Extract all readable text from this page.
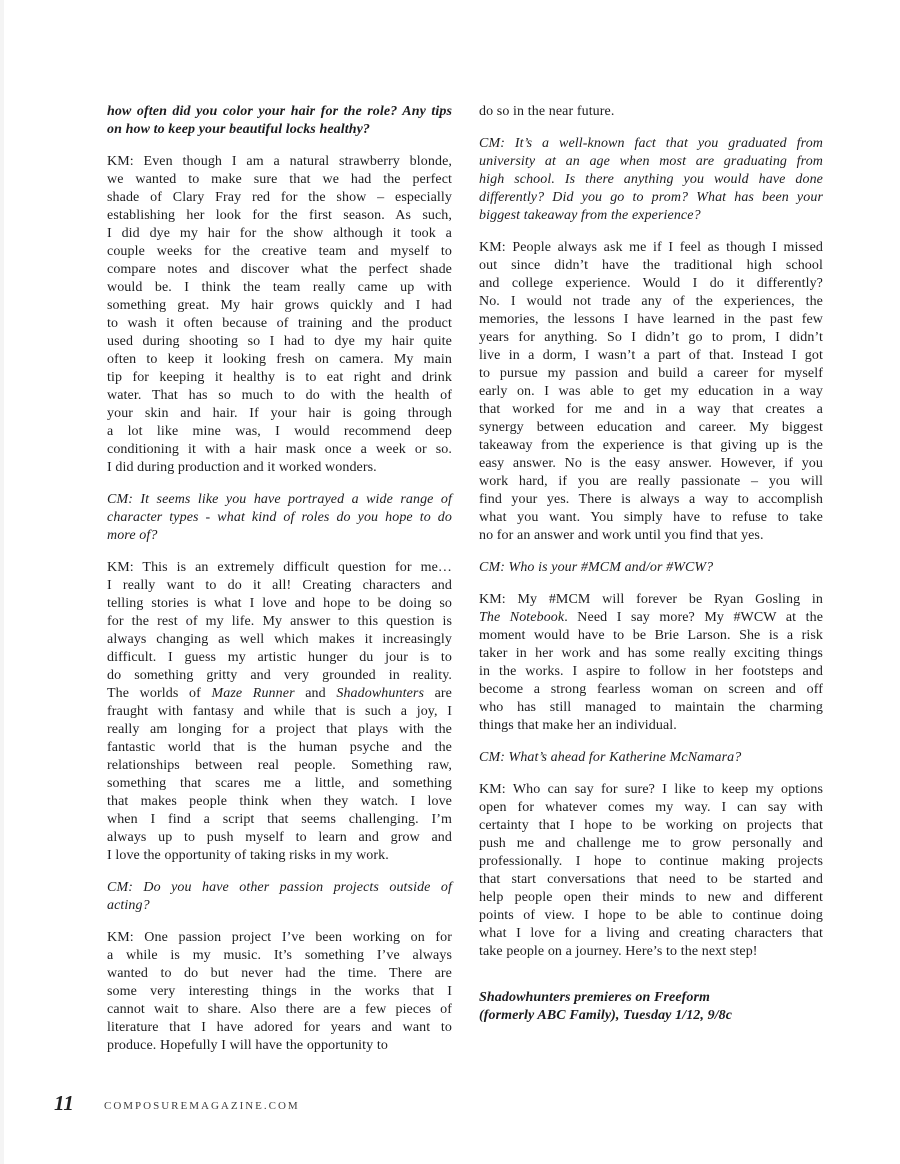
how often did you color your hair for the role? Any tips
on how to keep your beautiful locks healthy?
KM: Even though I am a natural strawberry blonde,
we wanted to make sure that we had the perfect
shade of Clary Fray red for the show – especially
establishing her look for the first season. As such,
I did dye my hair for the show although it took a
couple weeks for the creative team and myself to
compare notes and discover what the perfect shade
would be. I think the team really came up with
something great. My hair grows quickly and I had
to wash it often because of training and the product
used during shooting so I had to dye my hair quite
often to keep it looking fresh on camera. My main
tip for keeping it healthy is to eat right and drink
water. That has so much to do with the health of
your skin and hair. If your hair is going through
a lot like mine was, I would recommend deep
conditioning it with a hair mask once a week or so.
I did during production and it worked wonders.
CM: It seems like you have portrayed a wide range of
character types - what kind of roles do you hope to do
more of?
KM: This is an extremely difficult question for me…
I really want to do it all! Creating characters and
telling stories is what I love and hope to be doing so
for the rest of my life. My answer to this question is
always changing as well which makes it increasingly
difficult. I guess my artistic hunger du jour is to
do something gritty and very grounded in reality.
The worlds of Maze Runner and Shadowhunters are
fraught with fantasy and while that is such a joy, I
really am longing for a project that plays with the
fantastic world that is the human psyche and the
relationships between real people. Something raw,
something that scares me a little, and something
that makes people think when they watch. I love
when I find a script that seems challenging. I’m
always up to push myself to learn and grow and
I love the opportunity of taking risks in my work.
CM: Do you have other passion projects outside of
acting?
KM: One passion project I’ve been working on for
a while is my music. It’s something I’ve always
wanted to do but never had the time. There are
some very interesting things in the works that I
cannot wait to share. Also there are a few pieces of
literature that I have adored for years and want to
produce. Hopefully I will have the opportunity to
do so in the near future.
CM: It’s a well-known fact that you graduated from
university at an age when most are graduating from
high school. Is there anything you would have done
differently? Did you go to prom? What has been your
biggest takeaway from the experience?
KM: People always ask me if I feel as though I missed
out since didn’t have the traditional high school
and college experience. Would I do it differently?
No. I would not trade any of the experiences, the
memories, the lessons I have learned in the past few
years for anything. So I didn’t go to prom, I didn’t
live in a dorm, I wasn’t a part of that. Instead I got
to pursue my passion and build a career for myself
early on. I was able to get my education in a way
that worked for me and in a way that creates a
synergy between education and career. My biggest
takeaway from the experience is that giving up is the
easy answer. No is the easy answer. However, if you
work hard, if you are really passionate – you will
find your yes. There is always a way to accomplish
what you want. You simply have to refuse to take
no for an answer and work until you find that yes.
CM: Who is your #MCM and/or #WCW?
KM: My #MCM will forever be Ryan Gosling in
The Notebook. Need I say more? My #WCW at the
moment would have to be Brie Larson. She is a risk
taker in her work and has some really exciting things
in the works. I aspire to follow in her footsteps and
become a strong fearless woman on screen and off
who has still managed to maintain the charming
things that make her an individual.
CM: What’s ahead for Katherine McNamara?
KM: Who can say for sure? I like to keep my options
open for whatever comes my way. I can say with
certainty that I hope to be working on projects that
push me and challenge me to grow personally and
professionally. I hope to continue making projects
that start conversations that need to be started and
help people open their minds to new and different
points of view. I hope to be able to continue doing
what I love for a living and creating characters that
take people on a journey. Here’s to the next step!
Shadowhunters premieres on Freeform
(formerly ABC Family), Tuesday 1/12, 9/8c
11	COMPOSUREMAGAZINE.COM
